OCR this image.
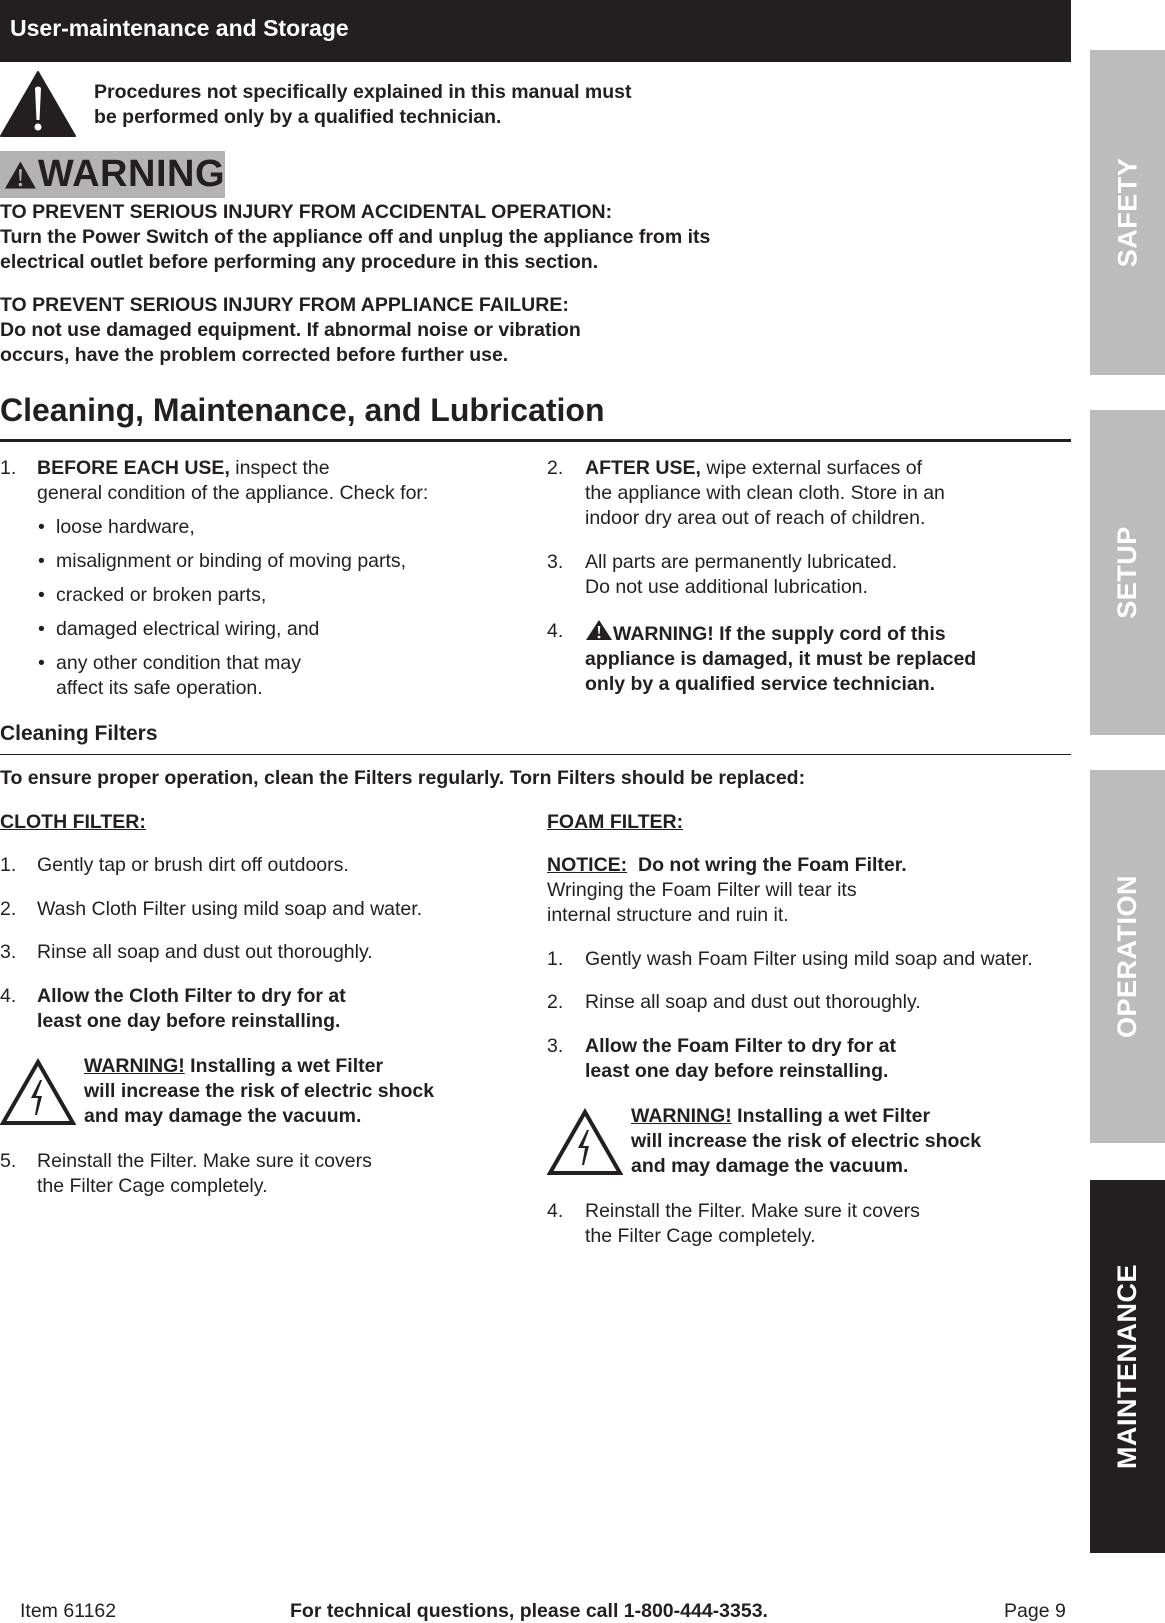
User-maintenance and Storage
Procedures not specifically explained in this manual must
be performed only by a qualified technician.
WARNING
TO PREVENT SERIOUS INJURY FROM ACCIDENTAL OPERATION:
Turn the Power Switch of the appliance off and unplug the appliance from its
electrical outlet before performing any procedure in this section.
TO PREVENT SERIOUS INJURY FROM APPLIANCE FAILURE:
Do not use damaged equipment. If abnormal noise or vibration
occurs, have the problem corrected before further use.
Cleaning, Maintenance, and Lubrication
1. BEFORE EACH USE, inspect the
general condition of the appliance. Check for:
• loose hardware,
• misalignment or binding of moving parts,
• cracked or broken parts,
• damaged electrical wiring, and
• any other condition that may
affect its safe operation.
2. AFTER USE, wipe external surfaces of
the appliance with clean cloth. Store in an
indoor dry area out of reach of children.
3. All parts are permanently lubricated.
Do not use additional lubrication.
4.	WARNING! If the supply cord of this
appliance is damaged, it must be replaced
only by a qualified service technician.
Cleaning Filters
To ensure proper operation, clean the Filters regularly. Torn Filters should be replaced:
CLOTH FILTER:
1. Gently tap or brush dirt off outdoors.
2. Wash Cloth Filter using mild soap and water.
3. Rinse all soap and dust out thoroughly.
4. Allow the Cloth Filter to dry for at
least one day before reinstalling.
WARNING! Installing a wet Filter
will increase the risk of electric shock
and may damage the vacuum.
5. Reinstall the Filter. Make sure it covers
the Filter Cage completely.
FOAM FILTER:
NOTICE:  Do not wring the Foam Filter.
Wringing the Foam Filter will tear its
internal structure and ruin it.
1. Gently wash Foam Filter using mild soap and water.
2. Rinse all soap and dust out thoroughly.
3. Allow the Foam Filter to dry for at
least one day before reinstalling.
WARNING! Installing a wet Filter
will increase the risk of electric shock
and may damage the vacuum.
4. Reinstall the Filter. Make sure it covers
the Filter Cage completely.
SAFETY
SETUP
OPERATION
MAINTENANCE
Item 61162	For technical questions, please call 1-800-444-3353.	Page 9
